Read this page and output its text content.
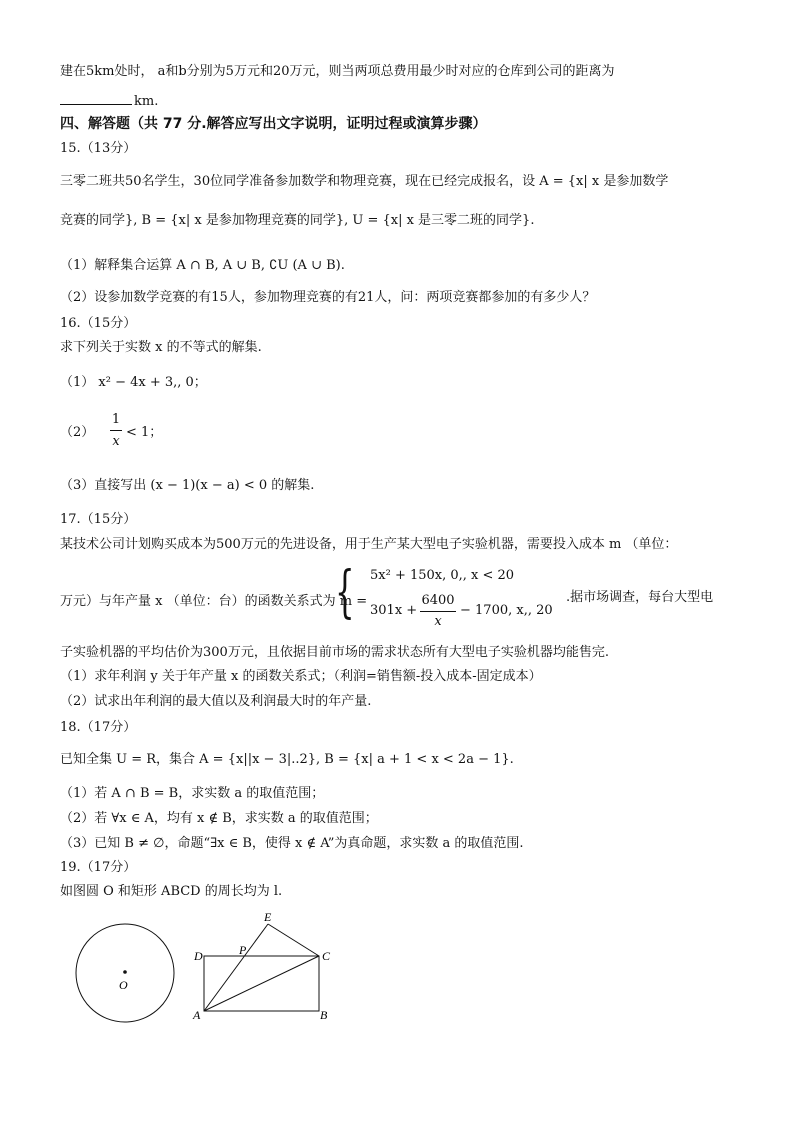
建在5km处时， a和b分别为5万元和20万元，则当两项总费用最少时对应的仓库到公司的距离为
km.
四、解答题（共 77 分.解答应写出文字说明，证明过程或演算步骤）
15.（13分）
三零二班共50名学生，30位同学准备参加数学和物理竞赛，现在已经完成报名，设 A = {x| x 是参加数学
竞赛的同学}, B = {x| x 是参加物理竞赛的同学}, U = {x| x 是三零二班的同学}.
（1）解释集合运算 A ∩ B, A ∪ B, ∁U (A ∪ B).
（2）设参加数学竞赛的有15人，参加物理竞赛的有21人，问：两项竞赛都参加的有多少人？
16.（15分）
求下列关于实数 x 的不等式的解集.
（1） x² − 4x + 3,, 0；
（2）
1
x
< 1；
（3）直接写出 (x − 1)(x − a) < 0 的解集.
17.（15分）
某技术公司计划购买成本为500万元的先进设备，用于生产某大型电子实验机器，需要投入成本 m （单位：
万元）与年产量 x （单位：台）的函数关系式为 m =
{ 5x² + 150x, 0,, x < 20
301x +
6400
x
− 1700, x,, 20
.据市场调查，每台大型电
子实验机器的平均估价为300万元，且依据目前市场的需求状态所有大型电子实验机器均能售完.
（1）求年利润 y 关于年产量 x 的函数关系式；（利润=销售额-投入成本-固定成本）
（2）试求出年利润的最大值以及利润最大时的年产量.
18.（17分）
已知全集 U = R，集合 A = {x||x − 3|..2}, B = {x| a + 1 < x < 2a − 1}.
（1）若 A ∩ B = B，求实数 a 的取值范围；
（2）若 ∀x ∈ A，均有 x ∉ B，求实数 a 的取值范围；
（3）已知 B ≠ ∅，命题“∃x ∈ B，使得 x ∉ A”为真命题，求实数 a 的取值范围.
19.（17分）
如图圆 O 和矩形 ABCD 的周长均为 l.
O
D	C
A	B
E
P
